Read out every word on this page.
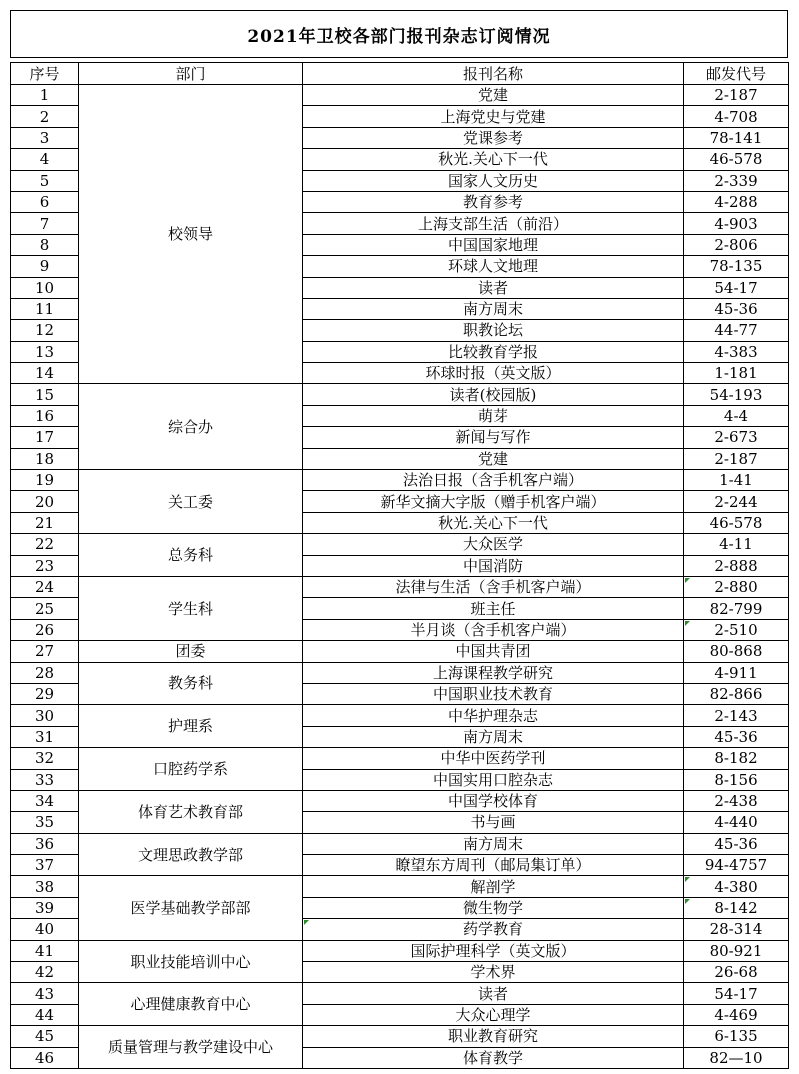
2021年卫校各部门报刊杂志订阅情况
序号	部门	报刊名称	邮发代号
1	校领导	党建	2-187
2		上海党史与党建	4-708
3		党课参考	78-141
4		秋光.关心下一代	46-578
5		国家人文历史	2-339
6		教育参考	4-288
7		上海支部生活（前沿）	4-903
8		中国国家地理	2-806
9		环球人文地理	78-135
10		读者	54-17
11		南方周末	45-36
12		职教论坛	44-77
13		比较教育学报	4-383
14		环球时报（英文版）	1-181
15	综合办	读者(校园版)	54-193
16		萌芽	4-4
17		新闻与写作	2-673
18		党建	2-187
19	关工委	法治日报（含手机客户端）	1-41
20		新华文摘大字版（赠手机客户端）	2-244
21		秋光.关心下一代	46-578
22	总务科	大众医学	4-11
23		中国消防	2-888
24	学生科	法律与生活（含手机客户端）	2-880
25		班主任	82-799
26		半月谈（含手机客户端）	2-510
27	团委	中国共青团	80-868
28	教务科	上海课程教学研究	4-911
29		中国职业技术教育	82-866
30	护理系	中华护理杂志	2-143
31		南方周末	45-36
32	口腔药学系	中华中医药学刊	8-182
33		中国实用口腔杂志	8-156
34	体育艺术教育部	中国学校体育	2-438
35		书与画	4-440
36	文理思政教学部	南方周末	45-36
37		瞭望东方周刊（邮局集订单）	94-4757
38	医学基础教学部部	解剖学	4-380
39		微生物学	8-142
40		药学教育	28-314
41	职业技能培训中心	国际护理科学（英文版）	80-921
42		学术界	26-68
43	心理健康教育中心	读者	54-17
44		大众心理学	4-469
45	质量管理与教学建设中心	职业教育研究	6-135
46		体育教学	82—10
